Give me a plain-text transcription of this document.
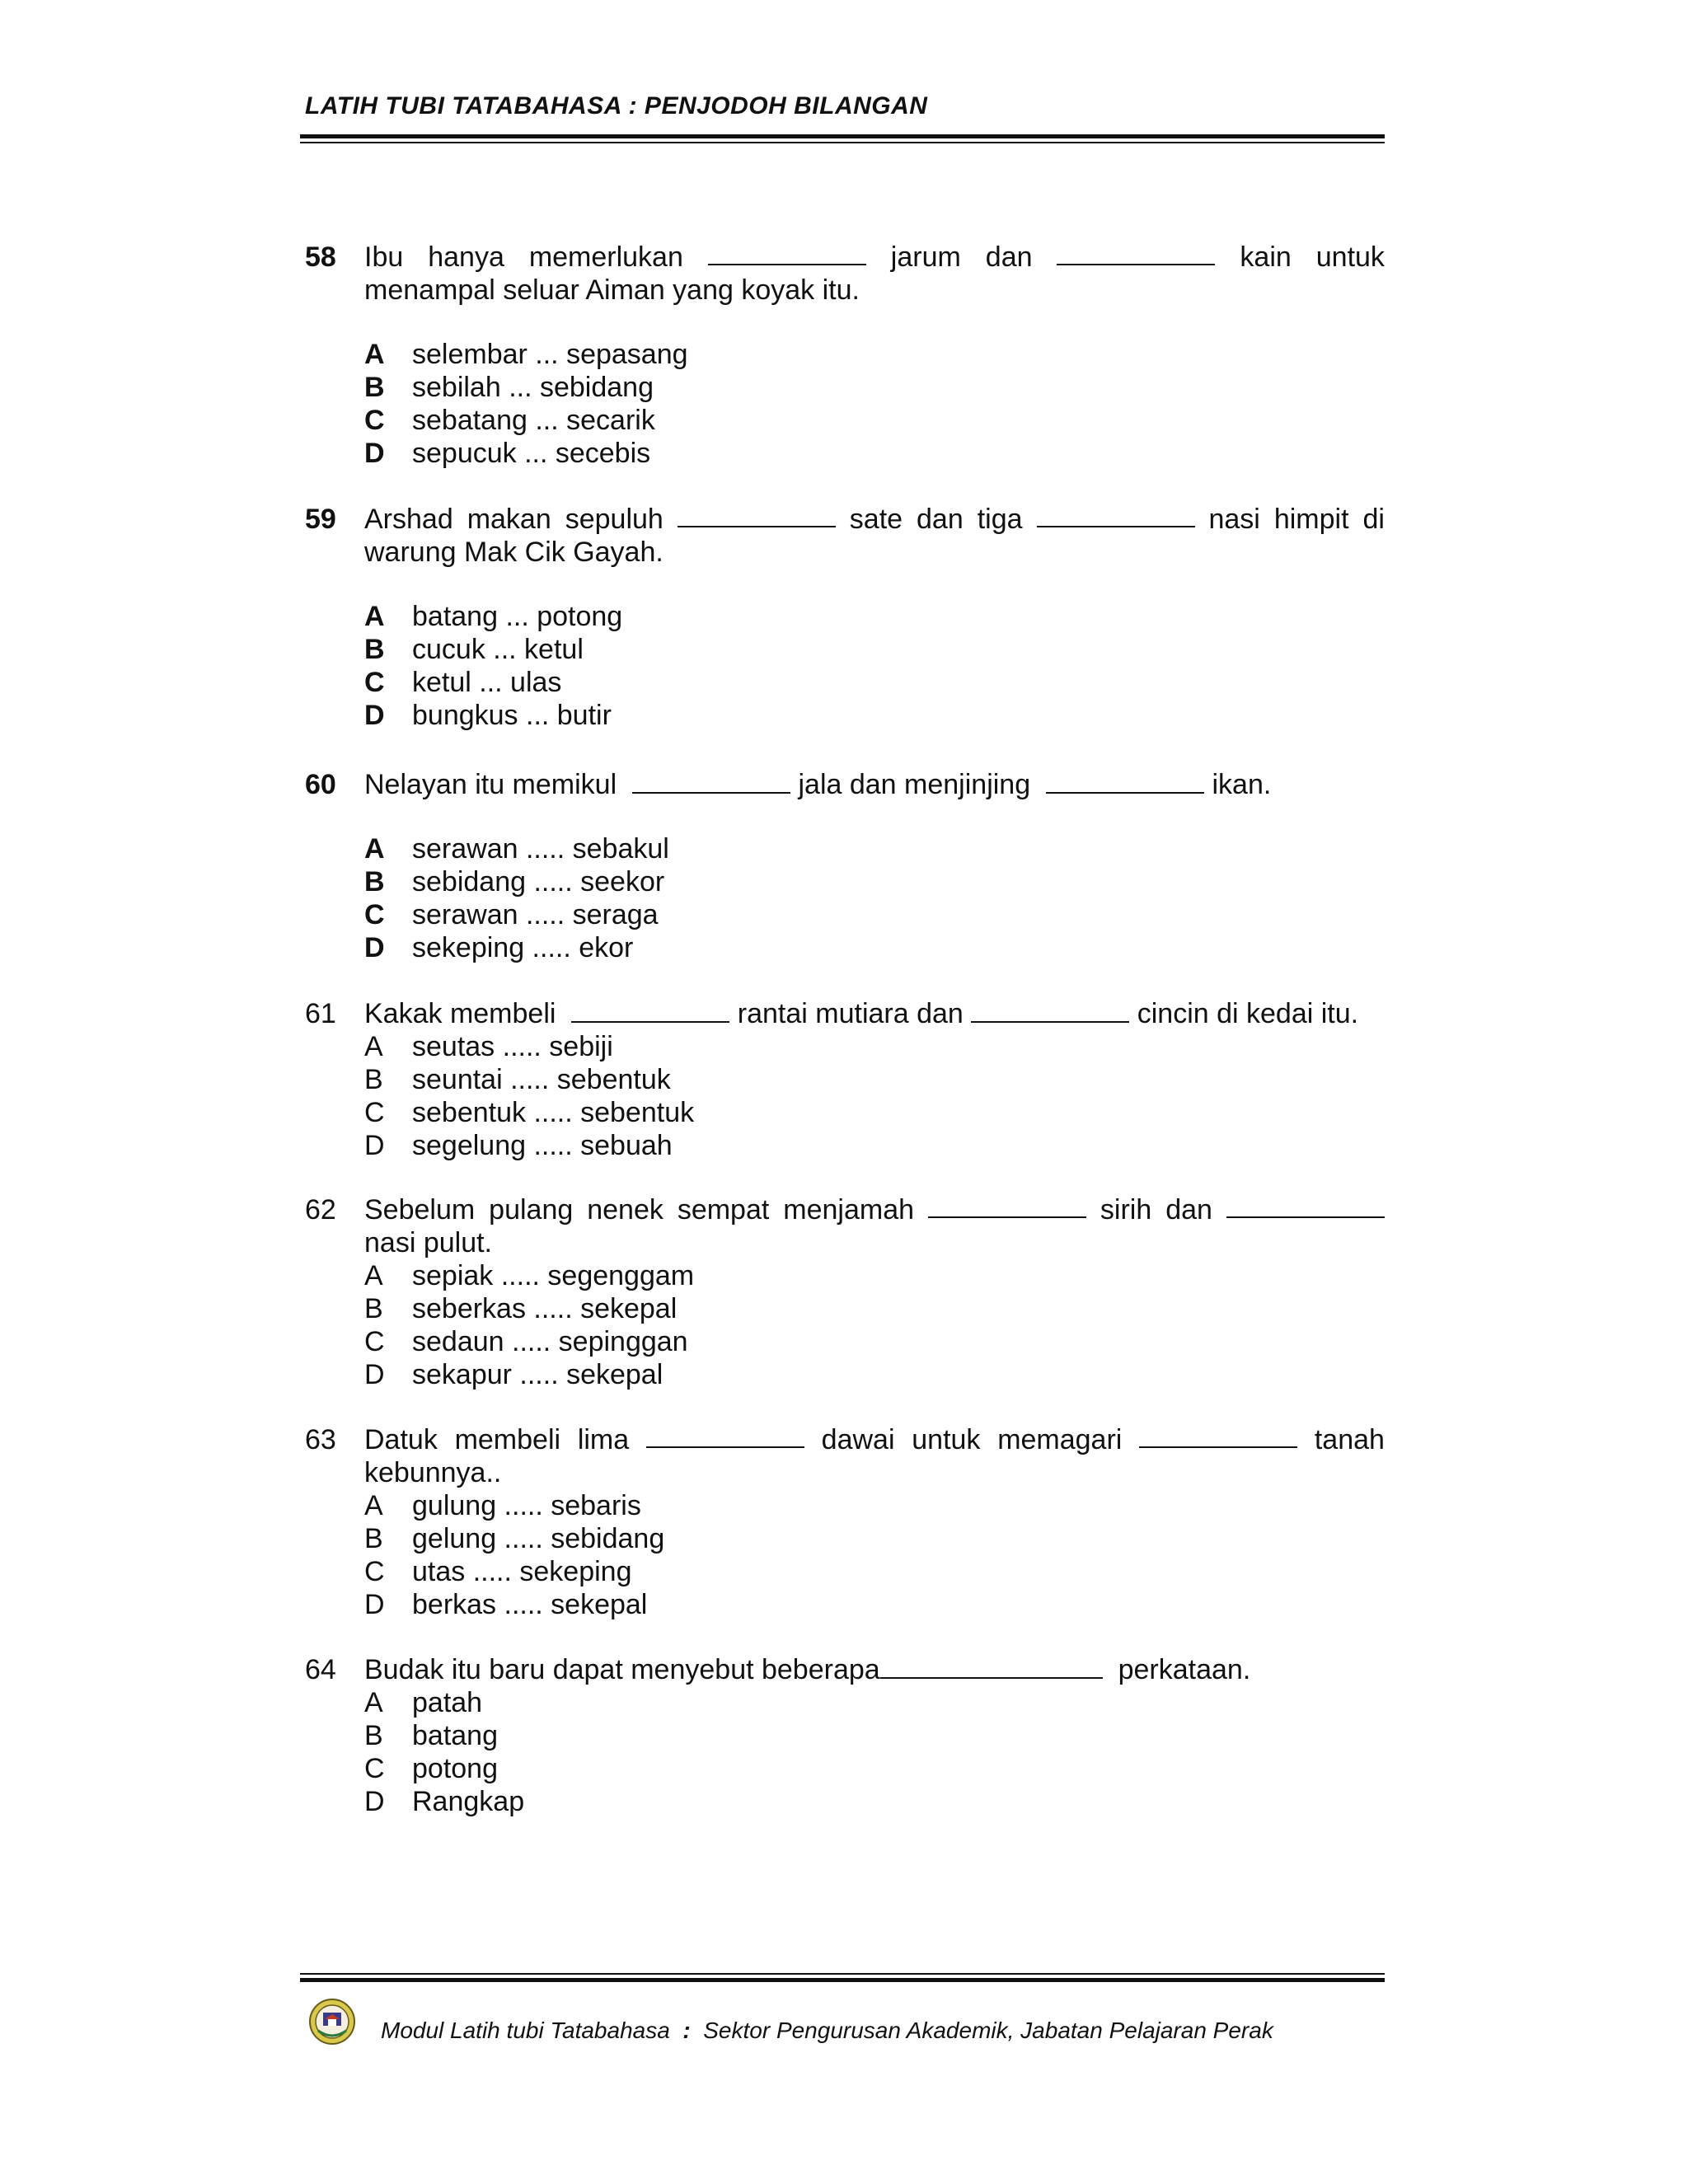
LATIH TUBI TATABAHASA : PENJODOH BILANGAN
58	Ibu hanya memerlukan	jarum dan	kain untuk
menampal seluar Aiman yang koyak itu.
A selembar ... sepasang
B sebilah ... sebidang
C sebatang ... secarik
D sepucuk ... secebis
59	Arshad makan sepuluh	sate dan tiga	nasi himpit di
warung Mak Cik Gayah.
A batang ... potong
B cucuk ... ketul
C ketul ... ulas
D bungkus ... butir
60	Nelayan itu memikul	jala dan menjinjing	ikan.
A serawan ..... sebakul
B sebidang ..... seekor
C serawan ..... seraga
D sekeping ..... ekor
61	Kakak membeli	rantai mutiara dan	cincin di kedai itu.
A	seutas ..... sebiji
B	seuntai ..... sebentuk
C sebentuk ..... sebentuk
D segelung ..... sebuah
62	Sebelum pulang nenek sempat menjamah	sirih dan
nasi pulut.
A	sepiak ..... segenggam
B	seberkas ..... sekepal
C sedaun ..... sepinggan
D sekapur ..... sekepal
63	Datuk membeli lima	dawai untuk memagari	tanah
kebunnya..
A	gulung ..... sebaris
B	gelung ..... sebidang
C utas ..... sekeping
D berkas ..... sekepal
64	Budak itu baru dapat menyebut beberapa	perkataan.
A	patah
B	batang
C potong
D Rangkap
Modul Latih tubi Tatabahasa : Sektor Pengurusan Akademik, Jabatan Pelajaran Perak
